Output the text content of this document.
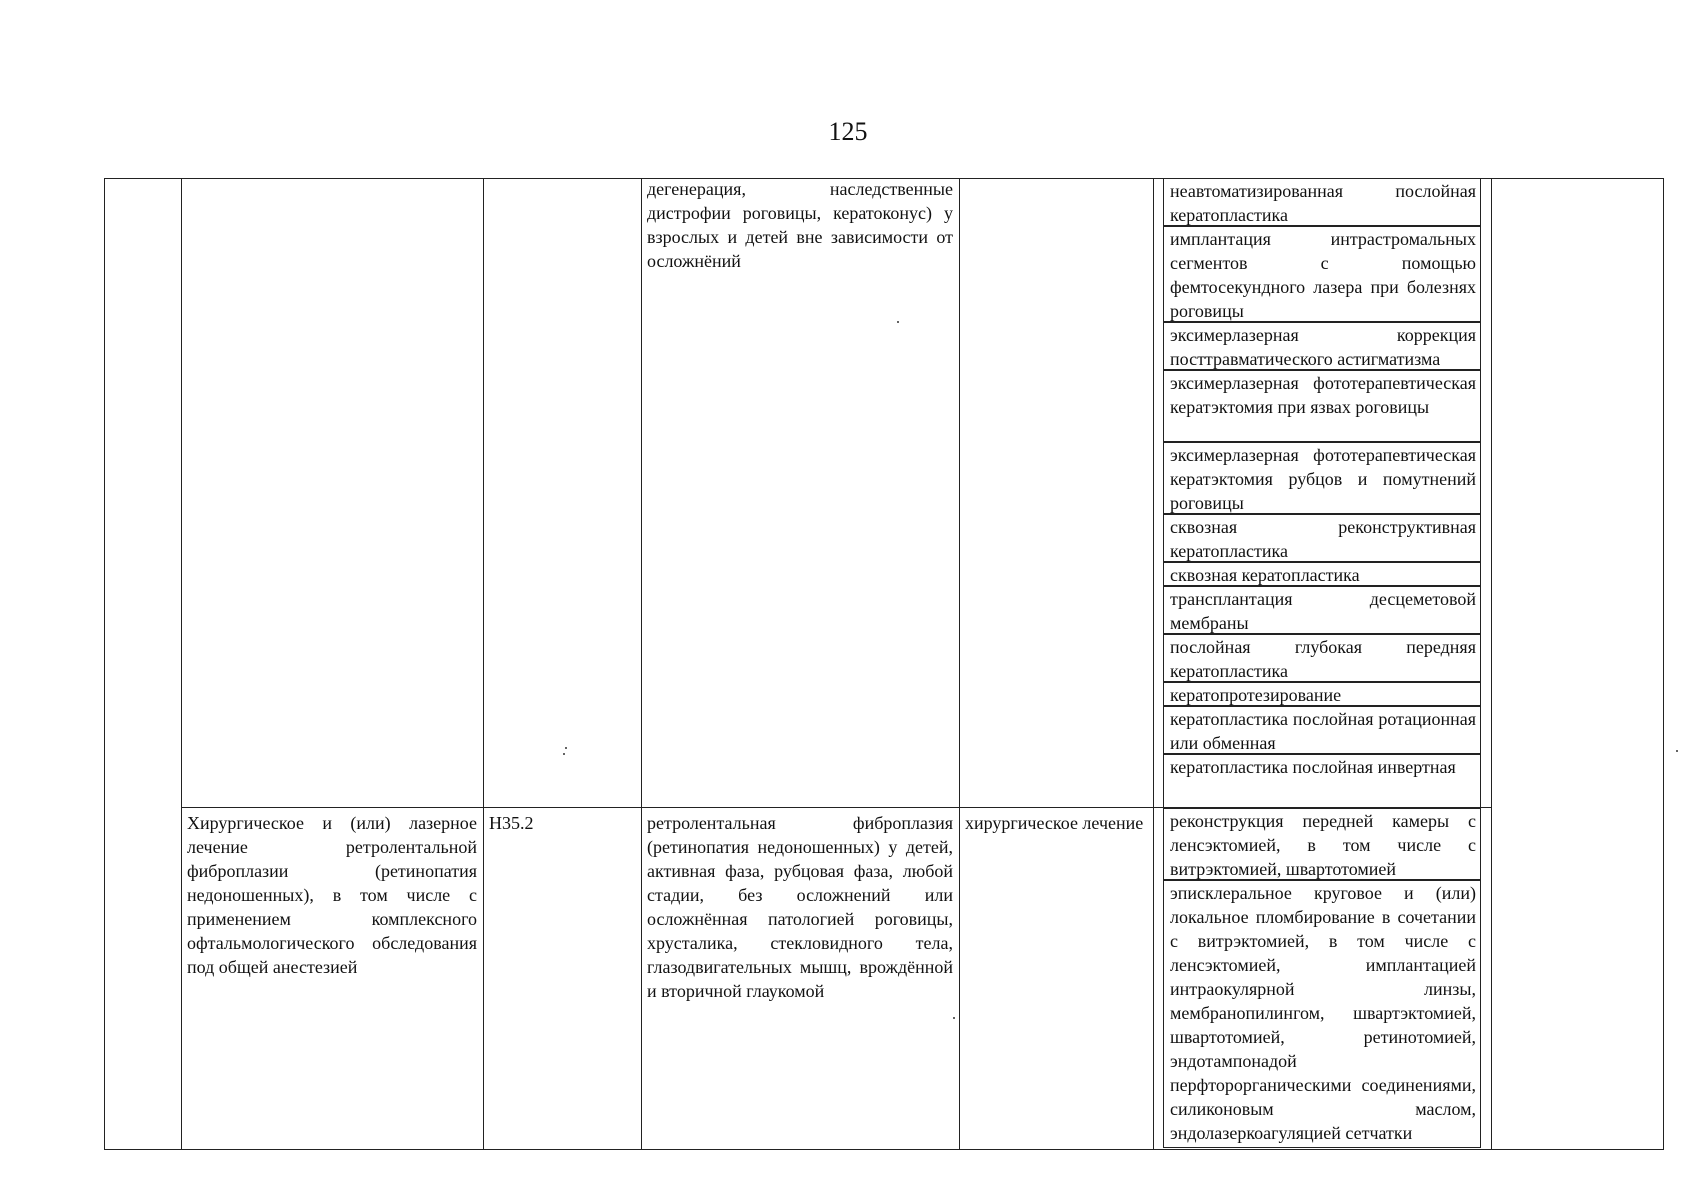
125

дегенерация, наследственные дистрофии роговицы, кератоконус) у взрослых и детей вне зависимости от осложнёний

неавтоматизированная послойная кератопластика

имплантация интрастромальных сегментов с помощью фемтосекундного лазера при болезнях роговицы

эксимерлазерная коррекция посттравматического астигматизма

эксимерлазерная фототерапевтическая кератэктомия при язвах роговицы

эксимерлазерная фототерапевтическая кератэктомия рубцов и помутнений роговицы

сквозная реконструктивная кератопластика

сквозная кератопластика

трансплантация десцеметовой мембраны

послойная глубокая передняя кератопластика

кератопротезирование

кератопластика послойная ротационная или обменная

кератопластика послойная инвертная

Хирургическое и (или) лазерное лечение ретролентальной фиброплазии (ретинопатия недоношенных), в том числе с применением комплексного офтальмологического обследования под общей анестезией

H35.2	ретролентальная фиброплазия (ретинопатия недоношенных) у детей, активная фаза, рубцовая фаза, любой стадии, без осложнений или осложнённая патологией роговицы, хрусталика, стекловидного тела, глазодвигательных мышц, врождённой и вторичной глаукомой

хирургическое лечение	реконструкция передней камеры с ленсэктомией, в том числе с витрэктомией, швартотомией

эписклеральное круговое и (или) локальное пломбирование в сочетании с витрэктомией, в том числе с ленсэктомией, имплантацией интраокулярной линзы, мембранопилингом, швартэктомией, швартотомией, ретинотомией, эндотампонадой перфторорганическими соединениями, силиконовым маслом, эндолазеркоагуляцией сетчатки
